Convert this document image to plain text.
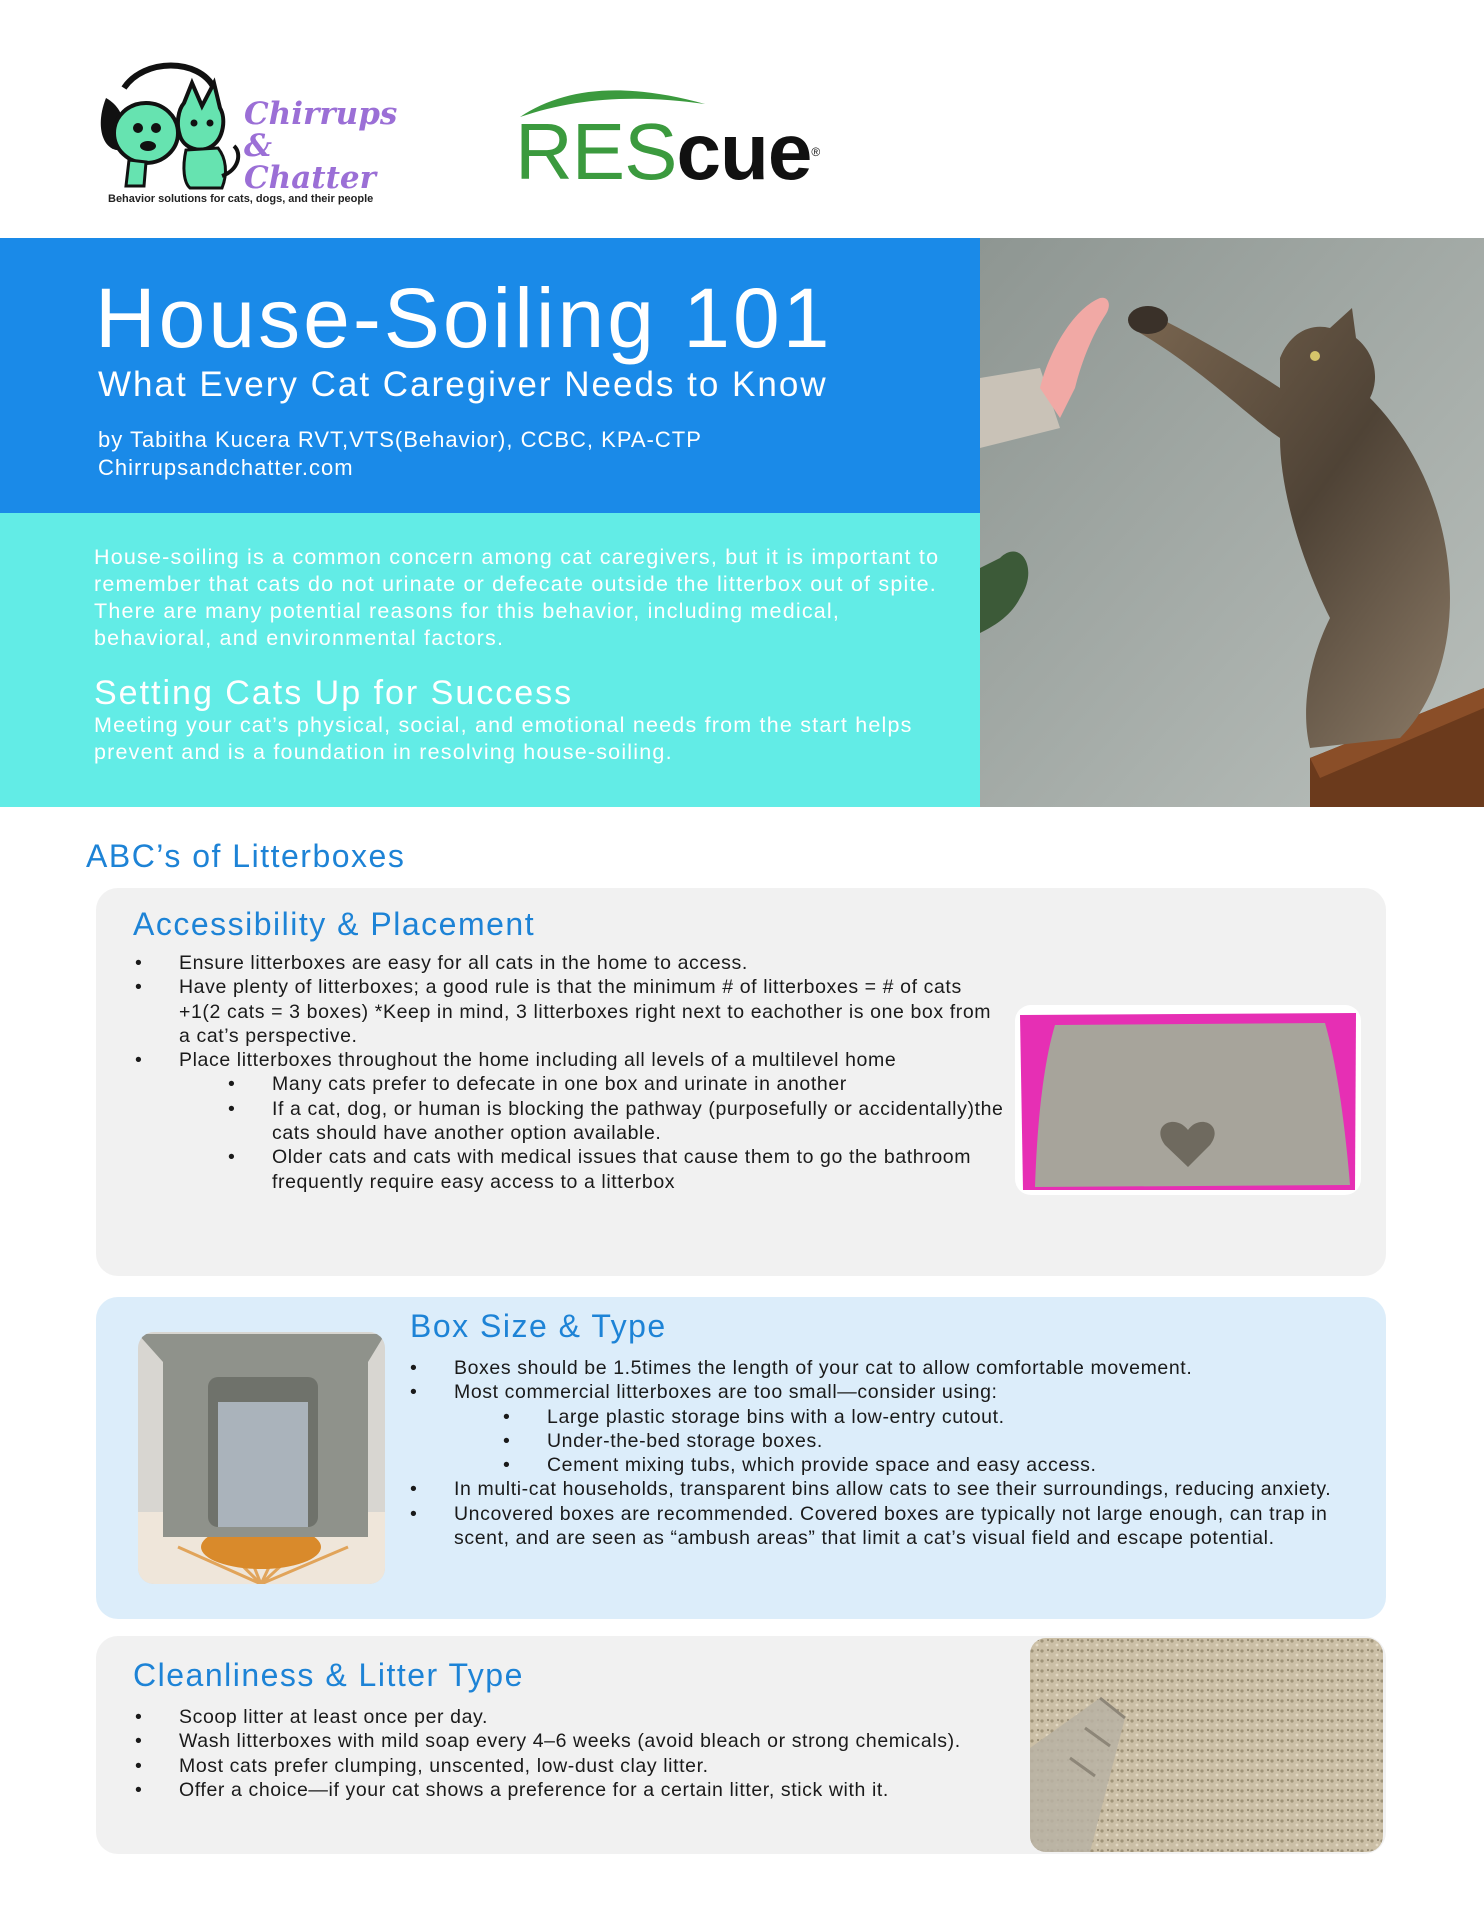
Chirrups
& Chatter
Behavior solutions for cats, dogs, and their people
REScue®
House-Soiling 101
What Every Cat Caregiver Needs to Know
by Tabitha Kucera RVT,VTS(Behavior), CCBC, KPA-CTP
Chirrupsandchatter.com
House-soiling is a common concern among cat caregivers, but it is important to remember that cats do not urinate or defecate outside the litterbox out of spite. There are many potential reasons for this behavior, including medical, behavioral, and environmental factors.
Setting Cats Up for Success
Meeting your cat’s physical, social, and emotional needs from the start helps prevent and is a foundation in resolving house-soiling.
ABC’s of Litterboxes
Accessibility & Placement
• Ensure litterboxes are easy for all cats in the home to access.
• Have plenty of litterboxes; a good rule is that the minimum # of litterboxes = # of cats +1(2 cats = 3 boxes) *Keep in mind, 3 litterboxes right next to eachother is one box from a cat’s perspective.
• Place litterboxes throughout the home including all levels of a multilevel home
• Many cats prefer to defecate in one box and urinate in another
• If a cat, dog, or human is blocking the pathway (purposefully or accidentally)the cats should have another option available.
• Older cats and cats with medical issues that cause them to go the bathroom frequently require easy access to a litterbox
Box Size & Type
• Boxes should be 1.5times the length of your cat to allow comfortable movement.
• Most commercial litterboxes are too small—consider using:
• Large plastic storage bins with a low-entry cutout.
• Under-the-bed storage boxes.
• Cement mixing tubs, which provide space and easy access.
• In multi-cat households, transparent bins allow cats to see their surroundings, reducing anxiety.
• Uncovered boxes are recommended. Covered boxes are typically not large enough, can trap in scent, and are seen as “ambush areas” that limit a cat’s visual field and escape potential.
Cleanliness & Litter Type
• Scoop litter at least once per day.
• Wash litterboxes with mild soap every 4–6 weeks (avoid bleach or strong chemicals).
• Most cats prefer clumping, unscented, low-dust clay litter.
• Offer a choice—if your cat shows a preference for a certain litter, stick with it.
